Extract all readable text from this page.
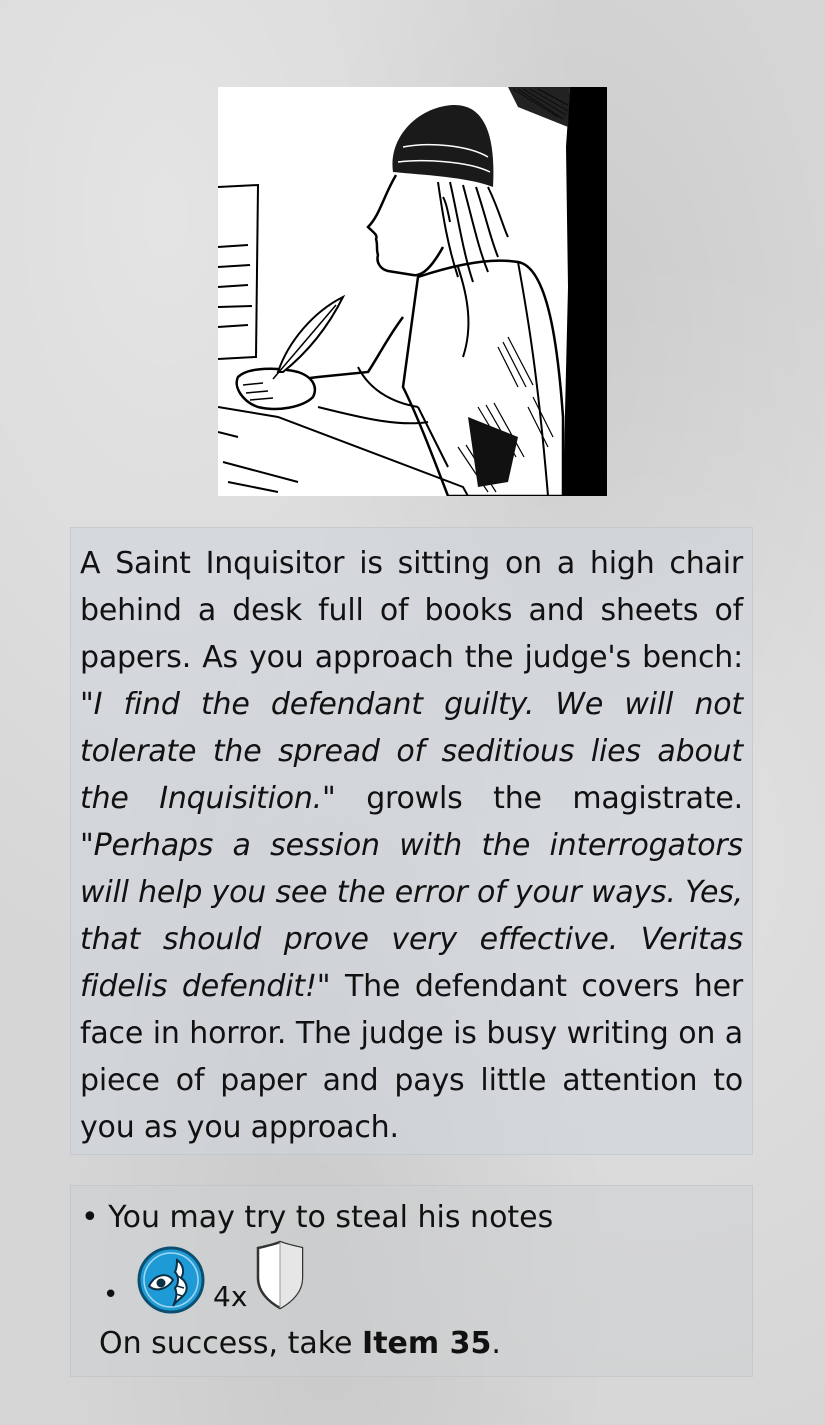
A Saint Inquisitor is sitting on a high chair behind a desk full of books and sheets of papers. As you approach the judge's bench: "I find the defendant guilty. We will not tolerate the spread of seditious lies about the Inquisition." growls the magistrate. "Perhaps a session with the interrogators will help you see the error of your ways. Yes, that should prove very effective. Veritas fidelis defendit!" The defendant covers her face in horror. The judge is busy writing on a piece of paper and pays little attention to you as you approach.
• You may try to steal his notes
•	4x
On success, take Item 35.
